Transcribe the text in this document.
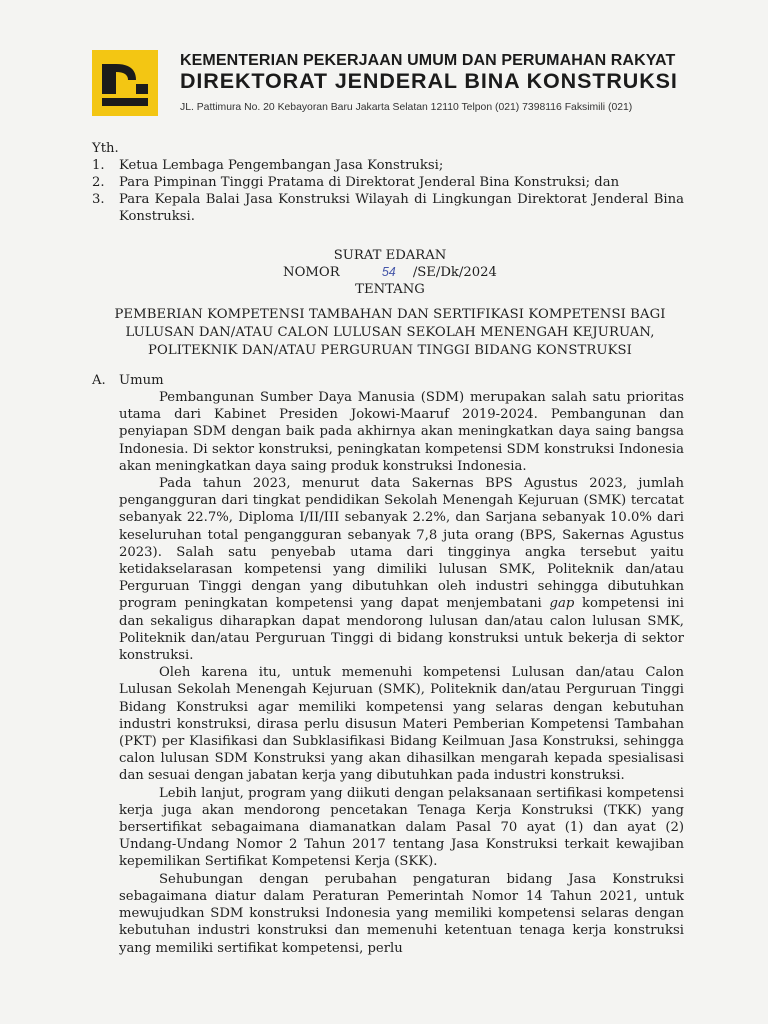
KEMENTERIAN PEKERJAAN UMUM DAN PERUMAHAN RAKYAT
DIREKTORAT JENDERAL BINA KONSTRUKSI
JL. Pattimura No. 20 Kebayoran Baru Jakarta Selatan 12110 Telpon (021) 7398116 Faksimili (021)
Yth.
1. Ketua Lembaga Pengembangan Jasa Konstruksi;
2. Para Pimpinan Tinggi Pratama di Direktorat Jenderal Bina Konstruksi; dan
3. Para Kepala Balai Jasa Konstruksi Wilayah di Lingkungan Direktorat Jenderal Bina Konstruksi.
SURAT EDARAN
NOMOR	54 /SE/Dk/2024
TENTANG
PEMBERIAN KOMPETENSI TAMBAHAN DAN SERTIFIKASI KOMPETENSI BAGI
LULUSAN DAN/ATAU CALON LULUSAN SEKOLAH MENENGAH KEJURUAN,
POLITEKNIK DAN/ATAU PERGURUAN TINGGI BIDANG KONSTRUKSI
A. Umum

Pembangunan Sumber Daya Manusia (SDM) merupakan salah satu prioritas utama dari Kabinet Presiden Jokowi-Maaruf 2019-2024. Pembangunan dan penyiapan SDM dengan baik pada akhirnya akan meningkatkan daya saing bangsa Indonesia. Di sektor konstruksi, peningkatan kompetensi SDM konstruksi Indonesia akan meningkatkan daya saing produk konstruksi Indonesia.

Pada tahun 2023, menurut data Sakernas BPS Agustus 2023, jumlah pengangguran dari tingkat pendidikan Sekolah Menengah Kejuruan (SMK) tercatat sebanyak 22.7%, Diploma I/II/III sebanyak 2.2%, dan Sarjana sebanyak 10.0% dari keseluruhan total pengangguran sebanyak 7,8 juta orang (BPS, Sakernas Agustus 2023). Salah satu penyebab utama dari tingginya angka tersebut yaitu ketidakselarasan kompetensi yang dimiliki lulusan SMK, Politeknik dan/atau Perguruan Tinggi dengan yang dibutuhkan oleh industri sehingga dibutuhkan program peningkatan kompetensi yang dapat menjembatani gap kompetensi ini dan sekaligus diharapkan dapat mendorong lulusan dan/atau calon lulusan SMK, Politeknik dan/atau Perguruan Tinggi di bidang konstruksi untuk bekerja di sektor konstruksi.

Oleh karena itu, untuk memenuhi kompetensi Lulusan dan/atau Calon Lulusan Sekolah Menengah Kejuruan (SMK), Politeknik dan/atau Perguruan Tinggi Bidang Konstruksi agar memiliki kompetensi yang selaras dengan kebutuhan industri konstruksi, dirasa perlu disusun Materi Pemberian Kompetensi Tambahan (PKT) per Klasifikasi dan Subklasifikasi Bidang Keilmuan Jasa Konstruksi, sehingga calon lulusan SDM Konstruksi yang akan dihasilkan mengarah kepada spesialisasi dan sesuai dengan jabatan kerja yang dibutuhkan pada industri konstruksi.

Lebih lanjut, program yang diikuti dengan pelaksanaan sertifikasi kompetensi kerja juga akan mendorong pencetakan Tenaga Kerja Konstruksi (TKK) yang bersertifikat sebagaimana diamanatkan dalam Pasal 70 ayat (1) dan ayat (2) Undang-Undang Nomor 2 Tahun 2017 tentang Jasa Konstruksi terkait kewajiban kepemilikan Sertifikat Kompetensi Kerja (SKK).

Sehubungan dengan perubahan pengaturan bidang Jasa Konstruksi sebagaimana diatur dalam Peraturan Pemerintah Nomor 14 Tahun 2021, untuk mewujudkan SDM konstruksi Indonesia yang memiliki kompetensi selaras dengan kebutuhan industri konstruksi dan memenuhi ketentuan tenaga kerja konstruksi yang memiliki sertifikat kompetensi, perlu
